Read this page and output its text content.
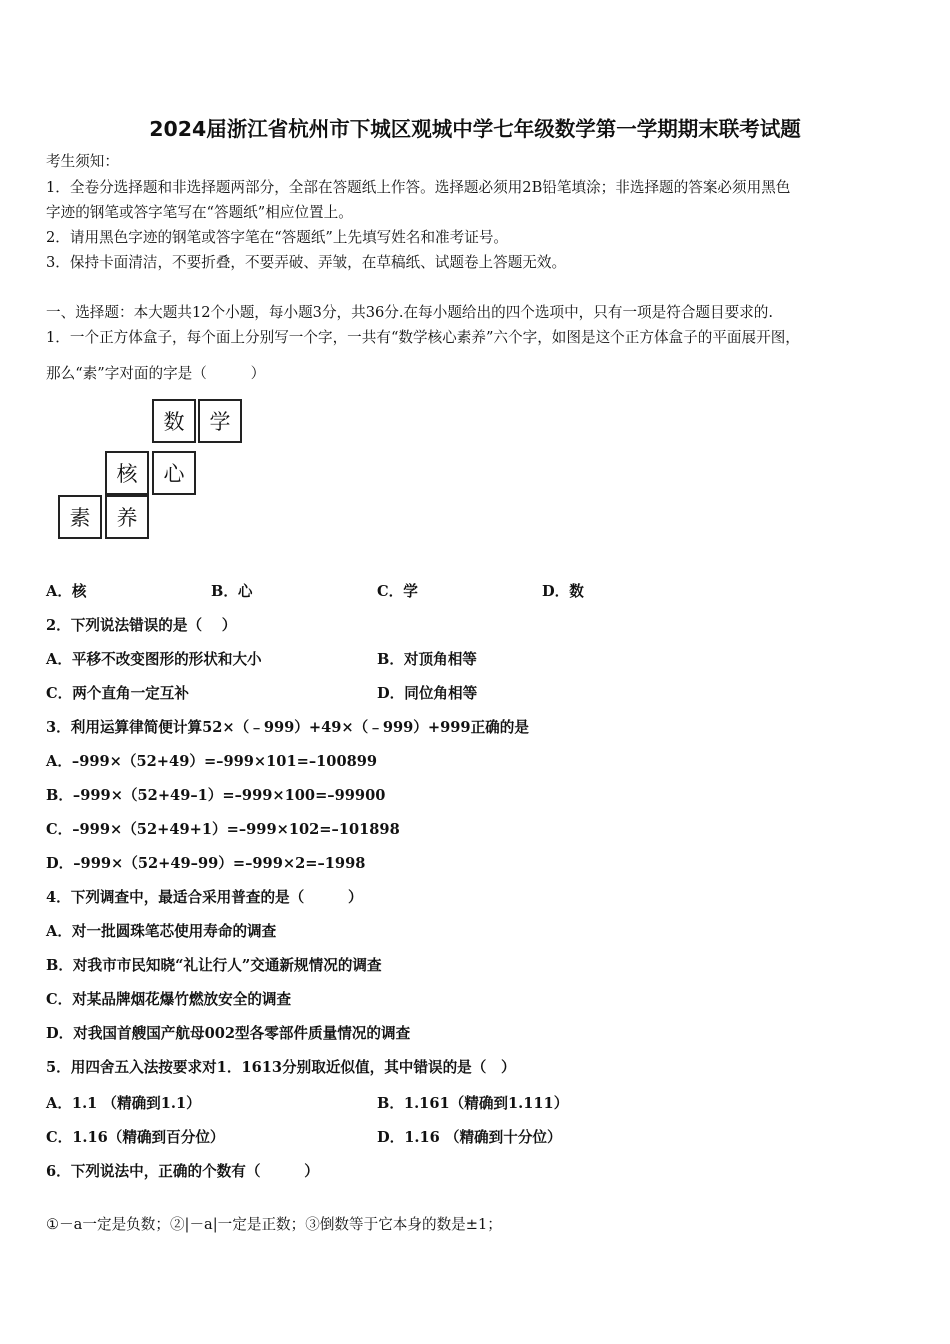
2024届浙江省杭州市下城区观城中学七年级数学第一学期期末联考试题
考生须知：
1．全卷分选择题和非选择题两部分，全部在答题纸上作答。选择题必须用2B铅笔填涂；非选择题的答案必须用黑色
字迹的钢笔或答字笔写在“答题纸”相应位置上。
2．请用黑色字迹的钢笔或答字笔在“答题纸”上先填写姓名和准考证号。
3．保持卡面清洁，不要折叠，不要弄破、弄皱，在草稿纸、试题卷上答题无效。
一、选择题：本大题共12个小题，每小题3分，共36分.在每小题给出的四个选项中，只有一项是符合题目要求的.
1．一个正方体盒子，每个面上分别写一个字，一共有“数学核心素养”六个字，如图是这个正方体盒子的平面展开图，
那么“素”字对面的字是（　　　）
数	学
核	心
素	养
A．核	B．心	C．学	D．数
2．下列说法错误的是（　 ）
A．平移不改变图形的形状和大小	B．对顶角相等
C．两个直角一定互补	D．同位角相等
3．利用运算律简便计算52×（﹣999）+49×（﹣999）+999正确的是
A．–999×（52+49）=–999×101=–100899
B．–999×（52+49–1）=–999×100=–99900
C．–999×（52+49+1）=–999×102=–101898
D．–999×（52+49–99）=–999×2=–1998
4．下列调查中，最适合采用普查的是（　　　）
A．对一批圆珠笔芯使用寿命的调查
B．对我市市民知晓“礼让行人”交通新规情况的调查
C．对某品牌烟花爆竹燃放安全的调查
D．对我国首艘国产航母002型各零部件质量情况的调查
5．用四舍五入法按要求对1．1613分别取近似值，其中错误的是（　）
A．1.1 （精确到1.1）	B．1.161（精确到1.111）
C．1.16（精确到百分位）	D．1.16 （精确到十分位）
6．下列说法中，正确的个数有（　　　）
①－a一定是负数；②|－a|一定是正数；③倒数等于它本身的数是±1；
